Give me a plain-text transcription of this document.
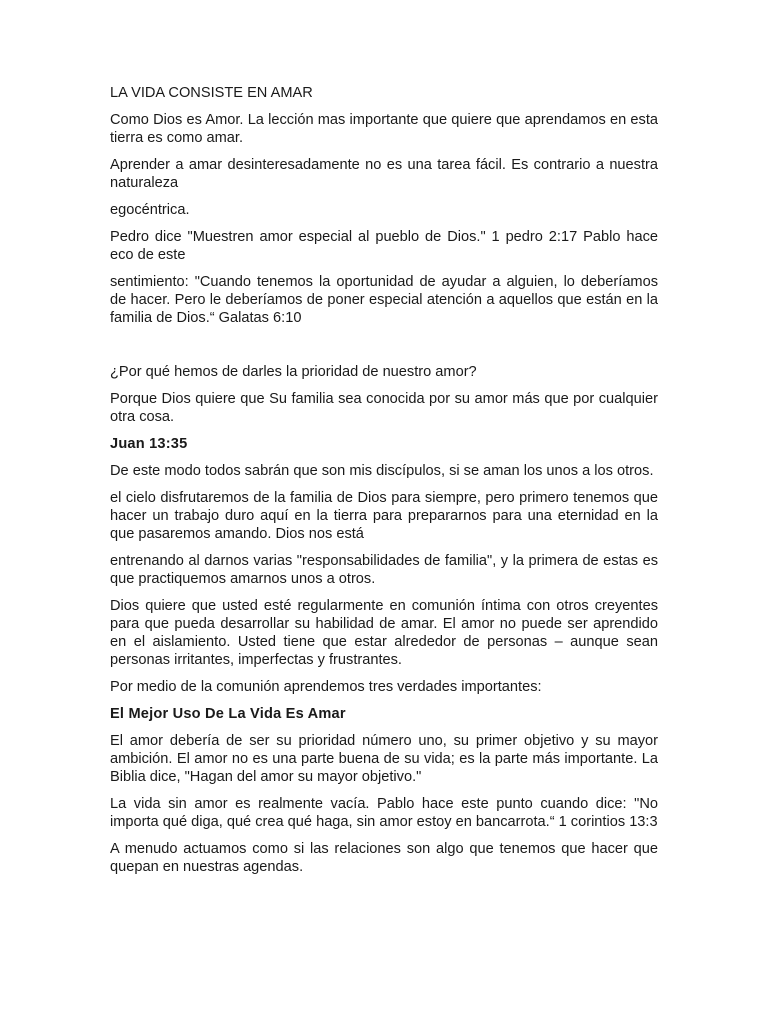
LA VIDA CONSISTE EN AMAR
Como Dios es Amor. La lección mas importante que quiere que aprendamos en esta tierra es como amar.
Aprender a amar desinteresadamente no es una tarea fácil. Es contrario a nuestra naturaleza
egocéntrica.
Pedro dice "Muestren amor especial al pueblo de Dios." 1 pedro 2:17 Pablo hace eco de este
sentimiento: "Cuando tenemos la oportunidad de ayudar a alguien, lo deberíamos de hacer. Pero le deberíamos de poner especial atención a aquellos que están en la familia de Dios.“ Galatas 6:10
¿Por qué hemos de darles la prioridad de nuestro amor?
Porque Dios quiere que Su familia sea conocida por su amor más que por cualquier otra cosa.
Juan 13:35
De este modo todos sabrán que son mis discípulos, si se aman los unos a los otros.
el cielo disfrutaremos de la familia de Dios para siempre, pero primero tenemos que hacer un trabajo duro aquí en la tierra para prepararnos para una eternidad en la que pasaremos amando. Dios nos está
entrenando al darnos varias "responsabilidades de familia", y la primera de estas es que practiquemos amarnos unos a otros.
Dios quiere que usted esté regularmente en comunión íntima con otros creyentes para que pueda desarrollar su habilidad de amar. El amor no puede ser aprendido en el aislamiento. Usted tiene que estar alrededor de personas – aunque sean personas irritantes, imperfectas y frustrantes.
Por medio de la comunión aprendemos tres verdades importantes:
El Mejor Uso De La Vida Es Amar
El amor debería de ser su prioridad número uno, su primer objetivo y su mayor ambición. El amor no es una parte buena de su vida; es la parte más importante. La Biblia dice, "Hagan del amor su mayor objetivo."
La vida sin amor es realmente vacía. Pablo hace este punto cuando dice: "No importa qué diga, qué crea qué haga, sin amor estoy en bancarrota.“ 1 corintios 13:3
A menudo actuamos como si las relaciones son algo que tenemos que hacer que quepan en nuestras agendas.
